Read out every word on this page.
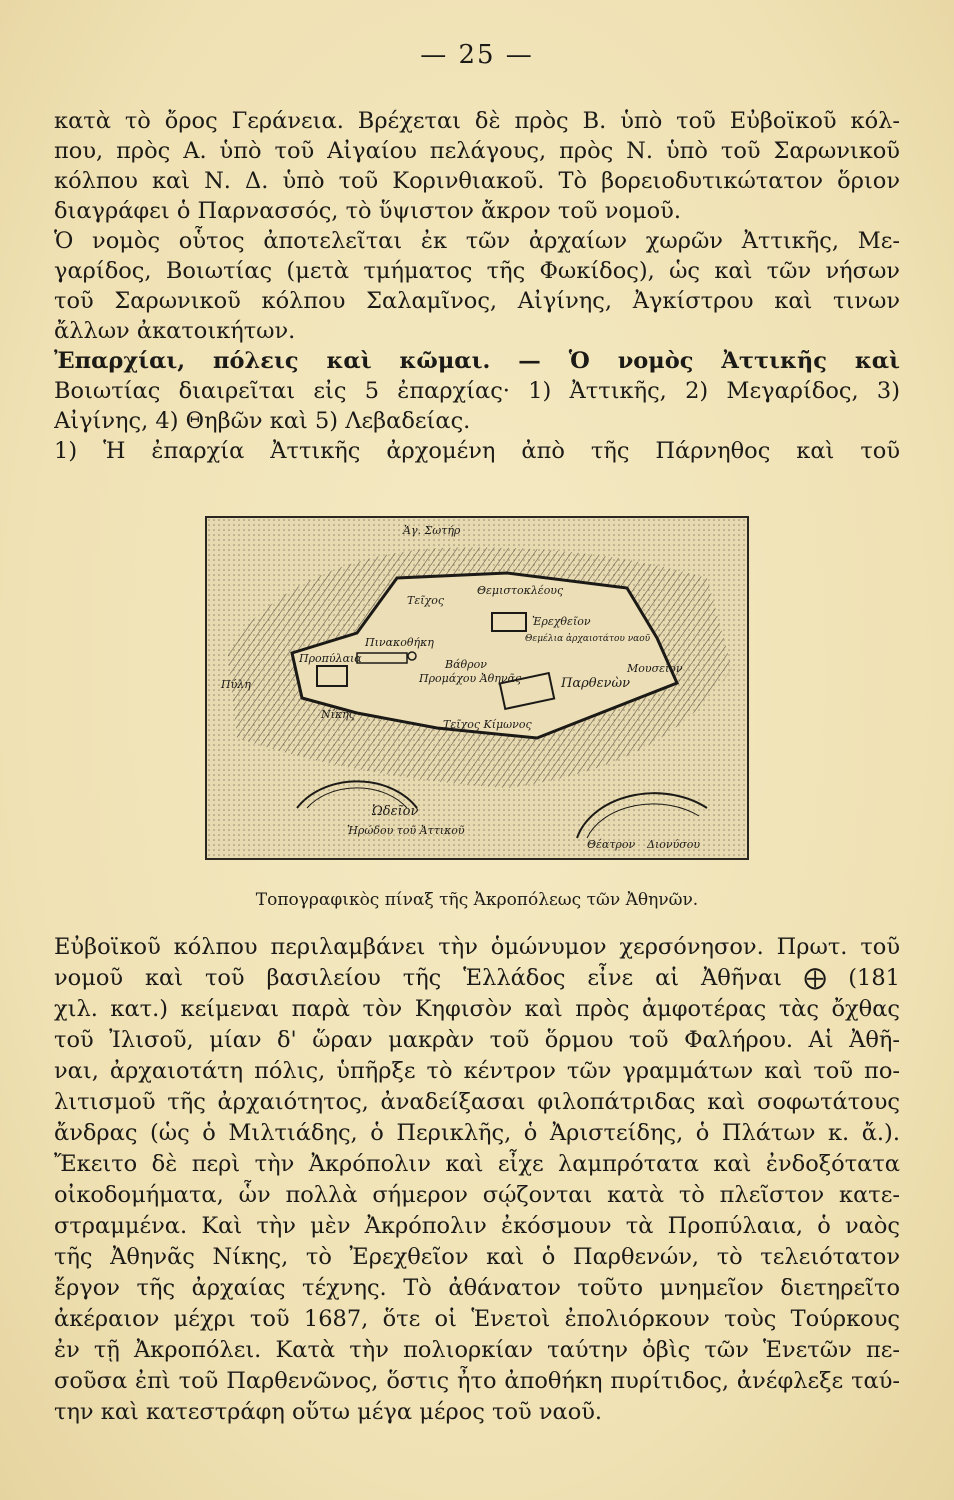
— 25 —
κατὰ τὸ ὄρος Γεράνεια. Βρέχεται δὲ πρὸς Β. ὑπὸ τοῦ Εὐβοϊκοῦ κόλ-
που, πρὸς Α. ὑπὸ τοῦ Αἰγαίου πελάγους, πρὸς Ν. ὑπὸ τοῦ Σαρωνικοῦ
κόλπου καὶ Ν. Δ. ὑπὸ τοῦ Κορινθιακοῦ. Τὸ βορειοδυτικώτατον ὅριον
διαγράφει ὁ Παρνασσός, τὸ ὕψιστον ἄκρον τοῦ νομοῦ.
Ὁ νομὸς οὗτος ἀποτελεῖται ἐκ τῶν ἀρχαίων χωρῶν Ἀττικῆς, Με-
γαρίδος, Βοιωτίας (μετὰ τμήματος τῆς Φωκίδος), ὡς καὶ τῶν νήσων
τοῦ Σαρωνικοῦ κόλπου Σαλαμῖνος, Αἰγίνης, Ἀγκίστρου καὶ τινων
ἄλλων ἀκατοικήτων.
Ἐπαρχίαι, πόλεις καὶ κῶμαι. — Ὁ νομὸς Ἀττικῆς καὶ
Βοιωτίας διαιρεῖται εἰς 5 ἐπαρχίας· 1) Ἀττικῆς, 2) Μεγαρίδος, 3)
Αἰγίνης, 4) Θηβῶν καὶ 5) Λεβαδείας.
1) Ἡ ἐπαρχία Ἀττικῆς ἀρχομένη ἀπὸ τῆς Πάρνηθος καὶ τοῦ
Ἁγ. Σωτήρ
Τεῖχος
Θεμιστοκλέους
Ἐρεχθεῖον
Πινακοθήκη	Θεμέλια ἀρχαιοτάτου ναοῦ
Προπύλαια	Βάθρον
Προμάχου Ἀθηνᾶς	Παρθενὼν
Μουσεῖον
Πύλη
Νίκης
Τεῖχος Κίμωνος
Ὠδεῖον
Ἡρώδου τοῦ Ἀττικοῦ
Θέατρον Διονύσου
Τοπογραφικὸς πίναξ τῆς Ἀκροπόλεως τῶν Ἀθηνῶν.
Εὐβοϊκοῦ κόλπου περιλαμβάνει τὴν ὁμώνυμον χερσόνησον. Πρωτ. τοῦ
νομοῦ καὶ τοῦ βασιλείου τῆς Ἑλλάδος εἶνε αἱ Ἀθῆναι ⨁ (181
χιλ. κατ.) κείμεναι παρὰ τὸν Κηφισὸν καὶ πρὸς ἀμφοτέρας τὰς ὄχθας
τοῦ Ἰλισοῦ, μίαν δ' ὥραν μακρὰν τοῦ ὅρμου τοῦ Φαλήρου. Αἱ Ἀθῆ-
ναι, ἀρχαιοτάτη πόλις, ὑπῆρξε τὸ κέντρον τῶν γραμμάτων καὶ τοῦ πο-
λιτισμοῦ τῆς ἀρχαιότητος, ἀναδείξασαι φιλοπάτριδας καὶ σοφωτάτους
ἄνδρας (ὡς ὁ Μιλτιάδης, ὁ Περικλῆς, ὁ Ἀριστείδης, ὁ Πλάτων κ. ἄ.).
Ἔκειτο δὲ περὶ τὴν Ἀκρόπολιν καὶ εἶχε λαμπρότατα καὶ ἐνδοξότατα
οἰκοδομήματα, ὧν πολλὰ σήμερον σῴζονται κατὰ τὸ πλεῖστον κατε-
στραμμένα. Καὶ τὴν μὲν Ἀκρόπολιν ἐκόσμουν τὰ Προπύλαια, ὁ ναὸς
τῆς Ἀθηνᾶς Νίκης, τὸ Ἐρεχθεῖον καὶ ὁ Παρθενών, τὸ τελειότατον
ἔργον τῆς ἀρχαίας τέχνης. Τὸ ἀθάνατον τοῦτο μνημεῖον διετηρεῖτο
ἀκέραιον μέχρι τοῦ 1687, ὅτε οἱ Ἑνετοὶ ἐπολιόρκουν τοὺς Τούρκους
ἐν τῇ Ἀκροπόλει. Κατὰ τὴν πολιορκίαν ταύτην ὀβὶς τῶν Ἑνετῶν πε-
σοῦσα ἐπὶ τοῦ Παρθενῶνος, ὅστις ἦτο ἀποθήκη πυρίτιδος, ἀνέφλεξε ταύ-
την καὶ κατεστράφη οὕτω μέγα μέρος τοῦ ναοῦ.
